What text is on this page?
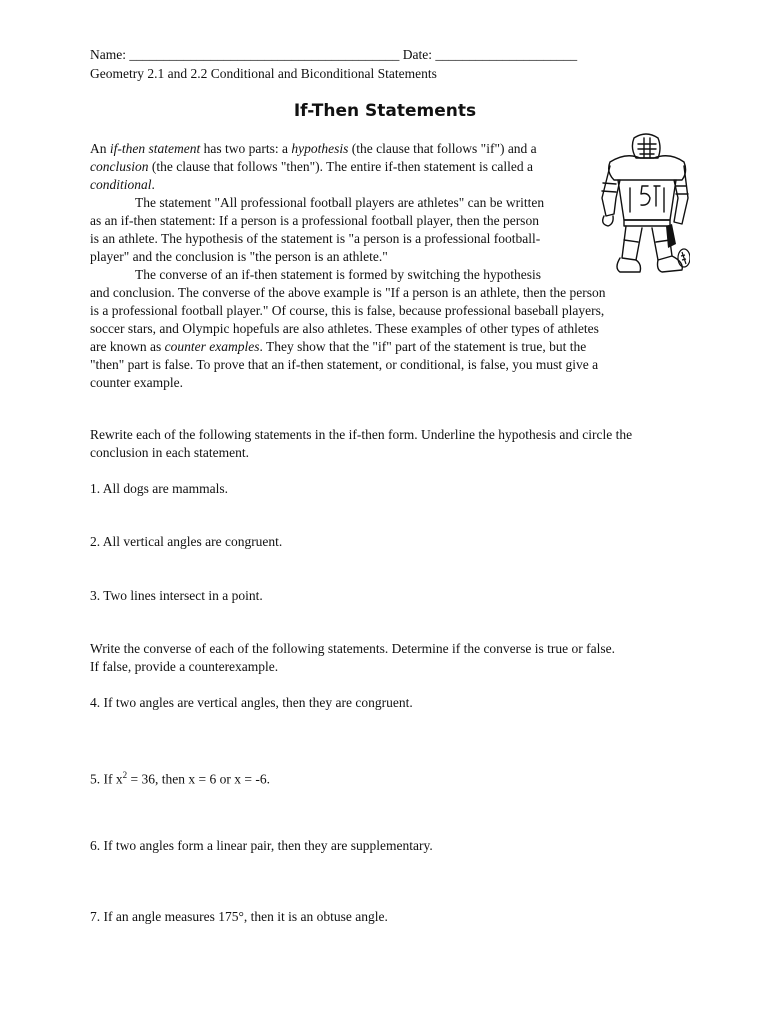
Name: ________________________________________ Date: _____________________
Geometry 2.1 and 2.2 Conditional and Biconditional Statements
If-Then Statements
An if-then statement has two parts: a hypothesis (the clause that follows "if") and a
conclusion (the clause that follows "then"). The entire if-then statement is called a
conditional.
The statement "All professional football players are athletes" can be written
as an if-then statement: If a person is a professional football player, then the person
is an athlete. The hypothesis of the statement is "a person is a professional football-
player" and the conclusion is "the person is an athlete."
The converse of an if-then statement is formed by switching the hypothesis
and conclusion. The converse of the above example is "If a person is an athlete, then the person
is a professional football player." Of course, this is false, because professional baseball players,
soccer stars, and Olympic hopefuls are also athletes. These examples of other types of athletes
are known as counter examples. They show that the "if" part of the statement is true, but the
"then" part is false. To prove that an if-then statement, or conditional, is false, you must give a
counter example.
Rewrite each of the following statements in the if-then form. Underline the hypothesis and circle the
conclusion in each statement.
1. All dogs are mammals.
2. All vertical angles are congruent.
3. Two lines intersect in a point.
Write the converse of each of the following statements. Determine if the converse is true or false.
If false, provide a counterexample.
4. If two angles are vertical angles, then they are congruent.
5. If $x^2 = 36$, then x = 6 or x = -6.
6. If two angles form a linear pair, then they are supplementary.
7. If an angle measures 175°, then it is an obtuse angle.
